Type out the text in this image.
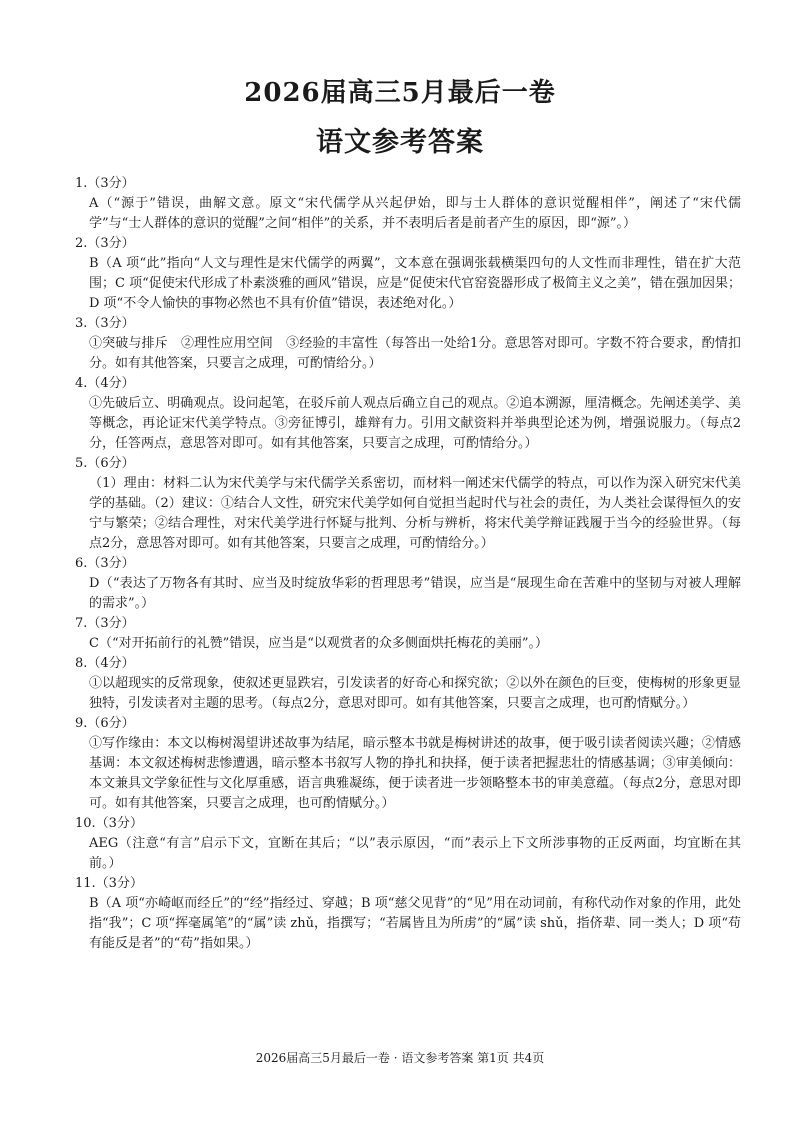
2026届高三5月最后一卷
语文参考答案
1.（3分）
A（“源于”错误，曲解文意。原文“宋代儒学从兴起伊始，即与士人群体的意识觉醒相伴”，阐述了“宋代儒学”与“士人群体的意识的觉醒”之间“相伴”的关系，并不表明后者是前者产生的原因，即“源”。）
2.（3分）
B（A 项“此”指向“人文与理性是宋代儒学的两翼”，文本意在强调张载横渠四句的人文性而非理性，错在扩大范围；C 项“促使宋代形成了朴素淡雅的画风”错误，应是“促使宋代官窑瓷器形成了极简主义之美”，错在强加因果；D 项“不令人愉快的事物必然也不具有价值”错误，表述绝对化。）
3.（3分）
①突破与排斥　②理性应用空间　③经验的丰富性（每答出一处给1分。意思答对即可。字数不符合要求，酌情扣分。如有其他答案，只要言之成理，可酌情给分。）
4.（4分）
①先破后立、明确观点。设问起笔，在驳斥前人观点后确立自己的观点。②追本溯源，厘清概念。先阐述美学、美等概念，再论证宋代美学特点。③旁征博引，雄辩有力。引用文献资料并举典型论述为例，增强说服力。（每点2分，任答两点，意思答对即可。如有其他答案，只要言之成理，可酌情给分。）
5.（6分）
（1）理由：材料二认为宋代美学与宋代儒学关系密切，而材料一阐述宋代儒学的特点，可以作为深入研究宋代美学的基础。（2）建议：①结合人文性，研究宋代美学如何自觉担当起时代与社会的责任，为人类社会谋得恒久的安宁与繁荣；②结合理性，对宋代美学进行怀疑与批判、分析与辨析，将宋代美学辩证践履于当今的经验世界。（每点2分，意思答对即可。如有其他答案，只要言之成理，可酌情给分。）
6.（3分）
D（“表达了万物各有其时、应当及时绽放华彩的哲理思考”错误，应当是“展现生命在苦难中的坚韧与对被人理解的需求”。）
7.（3分）
C（“对开拓前行的礼赞”错误，应当是“以观赏者的众多侧面烘托梅花的美丽”。）
8.（4分）
①以超现实的反常现象，使叙述更显跌宕，引发读者的好奇心和探究欲；②以外在颜色的巨变，使梅树的形象更显独特，引发读者对主题的思考。（每点2分，意思对即可。如有其他答案，只要言之成理，也可酌情赋分。）
9.（6分）
①写作缘由：本文以梅树渴望讲述故事为结尾，暗示整本书就是梅树讲述的故事，便于吸引读者阅读兴趣；②情感基调：本文叙述梅树悲惨遭遇，暗示整本书叙写人物的挣扎和抉择，便于读者把握悲壮的情感基调；③审美倾向：本文兼具文学象征性与文化厚重感，语言典雅凝练，便于读者进一步领略整本书的审美意蕴。（每点2分，意思对即可。如有其他答案，只要言之成理，也可酌情赋分。）
10.（3分）
AEG（注意“有言”启示下文，宜断在其后；“以”表示原因，“而”表示上下文所涉事物的正反两面，均宜断在其前。）
11.（3分）
B（A 项“亦崎岖而经丘”的“经”指经过、穿越；B 项“慈父见背”的“见”用在动词前，有称代动作对象的作用，此处指“我”；C 项“挥毫属笔”的“属”读 zhǔ，指撰写；“若属皆且为所虏”的“属”读 shǔ，指侪辈、同一类人；D 项“苟有能反是者”的“苟”指如果。）
2026届高三5月最后一卷 · 语文参考答案 第1页 共4页
